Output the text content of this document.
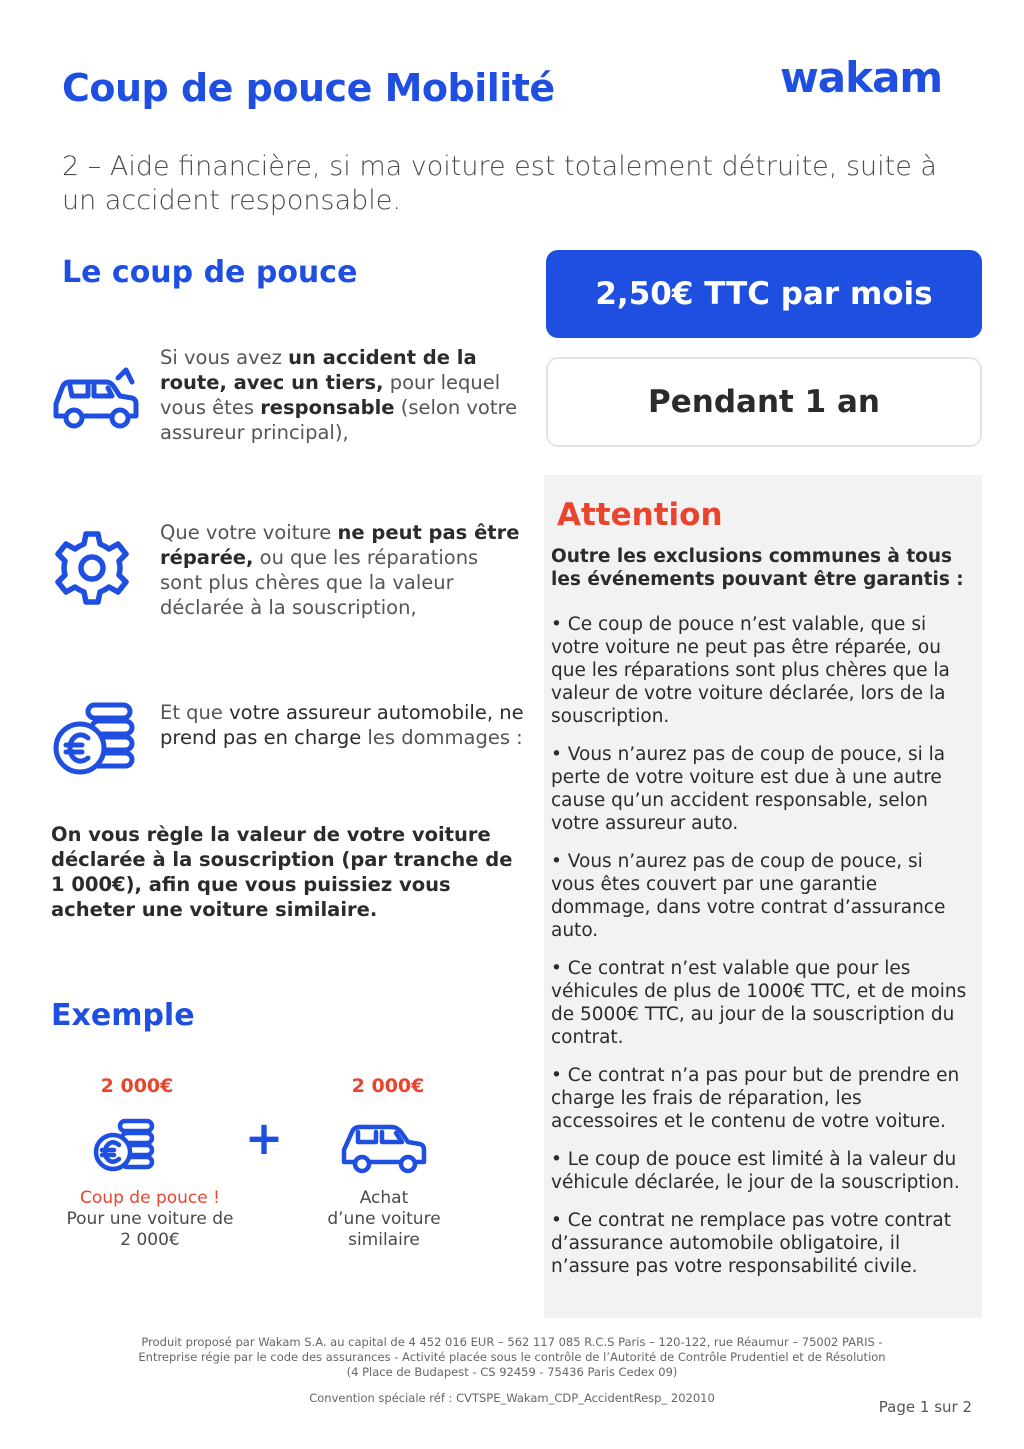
Coup de pouce Mobilité	wakam
2 – Aide financière, si ma voiture est totalement détruite, suite à un accident responsable.
Le coup de pouce
Si vous avez un accident de la route, avec un tiers, pour lequel vous êtes responsable (selon votre assureur principal),
Que votre voiture ne peut pas être réparée, ou que les réparations sont plus chères que la valeur déclarée à la souscription,
Et que votre assureur automobile, ne prend pas en charge les dommages :
On vous règle la valeur de votre voiture déclarée à la souscription (par tranche de 1 000€), afin que vous puissiez vous acheter une voiture similaire.
Exemple
2 000€
Coup de pouce !
Pour une voiture de
2 000€
+
2 000€
Achat
d’une voiture
similaire
2,50€ TTC par mois
Pendant 1 an
Attention
Outre les exclusions communes à tous les événements pouvant être garantis :
• Ce coup de pouce n’est valable, que si votre voiture ne peut pas être réparée, ou que les réparations sont plus chères que la valeur de votre voiture déclarée, lors de la souscription.
• Vous n’aurez pas de coup de pouce, si la perte de votre voiture est due à une autre cause qu’un accident responsable, selon votre assureur auto.
• Vous n’aurez pas de coup de pouce, si vous êtes couvert par une garantie dommage, dans votre contrat d’assurance auto.
• Ce contrat n’est valable que pour les véhicules de plus de 1000€ TTC, et de moins de 5000€ TTC, au jour de la souscription du contrat.
• Ce contrat n’a pas pour but de prendre en charge les frais de réparation, les accessoires et le contenu de votre voiture.
• Le coup de pouce est limité à la valeur du véhicule déclarée, le jour de la souscription.
• Ce contrat ne remplace pas votre contrat d’assurance automobile obligatoire, il n’assure pas votre responsabilité civile.
Produit proposé par Wakam S.A. au capital de 4 452 016 EUR – 562 117 085 R.C.S Paris – 120-122, rue Réaumur – 75002 PARIS -
Entreprise régie par le code des assurances - Activité placée sous le contrôle de l’Autorité de Contrôle Prudentiel et de Résolution
(4 Place de Budapest - CS 92459 - 75436 Paris Cedex 09)
Convention spéciale réf : CVTSPE_Wakam_CDP_AccidentResp_ 202010	Page 1 sur 2
